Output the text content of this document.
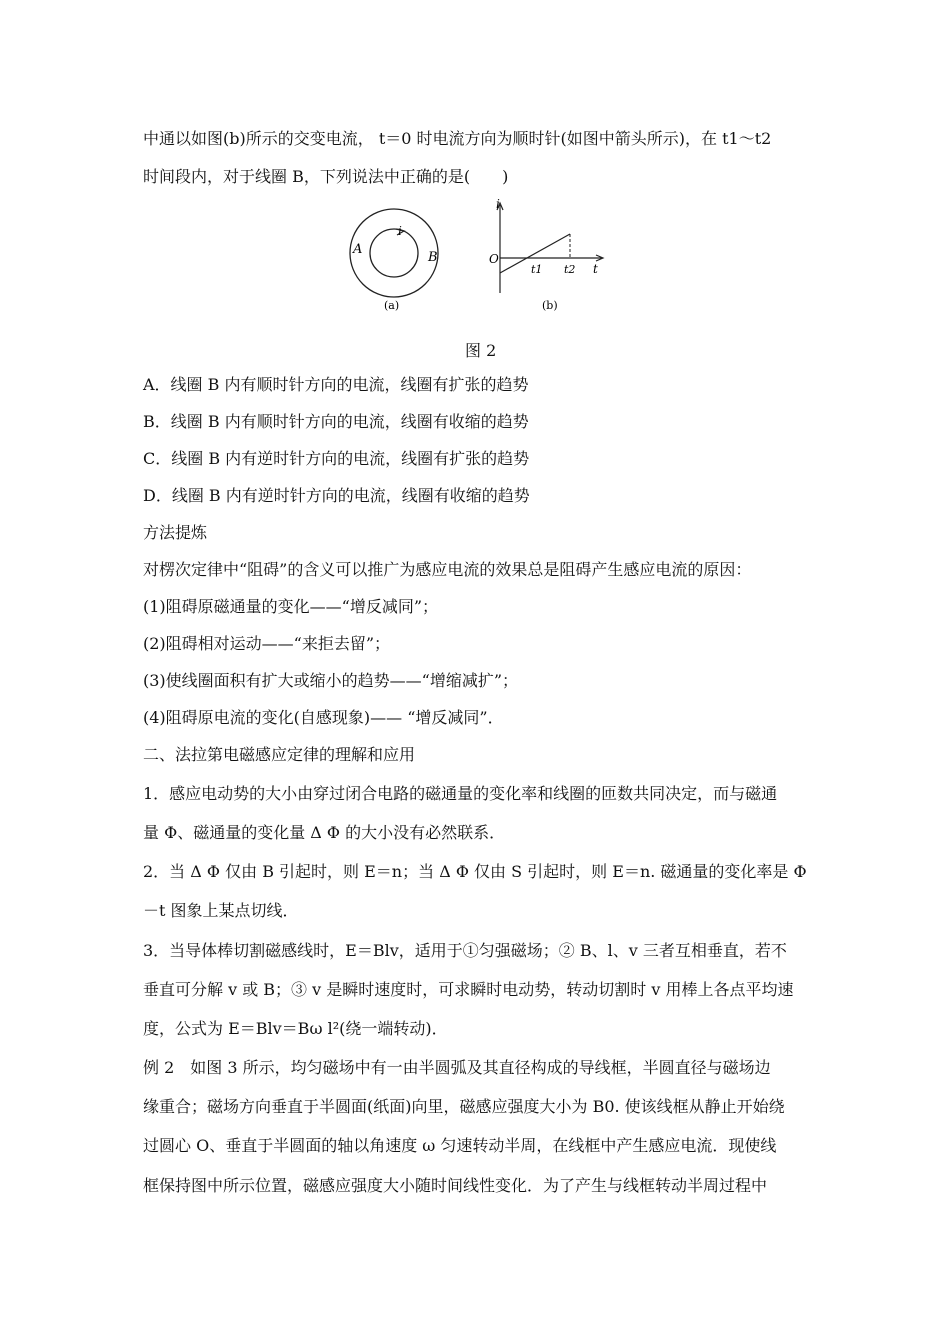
中通以如图(b)所示的交变电流， t＝0 时电流方向为顺时针(如图中箭头所示)，在 t1～t2
时间段内，对于线圈 B，下列说法中正确的是(　　)
A
B
i
(a)
i
O
t
t1 t2
(b)
图 2
A．线圈 B 内有顺时针方向的电流，线圈有扩张的趋势
B．线圈 B 内有顺时针方向的电流，线圈有收缩的趋势
C．线圈 B 内有逆时针方向的电流，线圈有扩张的趋势
D．线圈 B 内有逆时针方向的电流，线圈有收缩的趋势
方法提炼
对楞次定律中“阻碍”的含义可以推广为感应电流的效果总是阻碍产生感应电流的原因：
(1)阻碍原磁通量的变化——“增反减同”；
(2)阻碍相对运动——“来拒去留”；
(3)使线圈面积有扩大或缩小的趋势——“增缩减扩”；
(4)阻碍原电流的变化(自感现象)—— “增反减同”．
二、法拉第电磁感应定律的理解和应用
1．感应电动势的大小由穿过闭合电路的磁通量的变化率和线圈的匝数共同决定，而与磁通
量 Φ、磁通量的变化量 Δ Φ 的大小没有必然联系．
2．当 Δ Φ 仅由 B 引起时，则 E＝n；当 Δ Φ 仅由 S 引起时，则 E＝n. 磁通量的变化率是 Φ
－t 图象上某点切线．
3．当导体棒切割磁感线时，E＝Blv，适用于①匀强磁场；② B、l、v 三者互相垂直，若不
垂直可分解 v 或 B；③ v 是瞬时速度时，可求瞬时电动势，转动切割时 v 用棒上各点平均速
度，公式为 E＝Blv＝Bω l²(绕一端转动)．
例 2　如图 3 所示，均匀磁场中有一由半圆弧及其直径构成的导线框，半圆直径与磁场边
缘重合；磁场方向垂直于半圆面(纸面)向里，磁感应强度大小为 B0. 使该线框从静止开始绕
过圆心 O、垂直于半圆面的轴以角速度 ω 匀速转动半周，在线框中产生感应电流．现使线
框保持图中所示位置，磁感应强度大小随时间线性变化．为了产生与线框转动半周过程中
